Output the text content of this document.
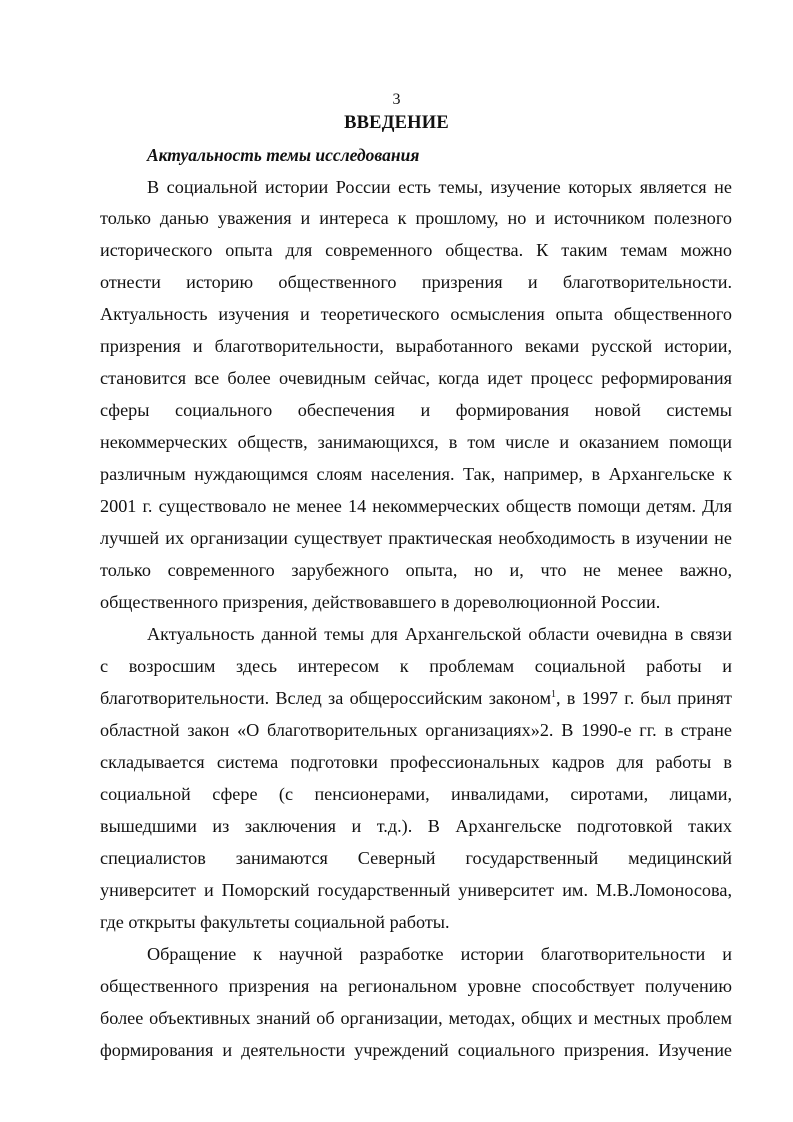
3
ВВЕДЕНИЕ
Актуальность темы исследования
В социальной истории России есть темы, изучение которых является не
только данью уважения и интереса к прошлому, но и источником полезного
исторического опыта для современного общества. К таким темам можно
отнести историю общественного призрения и благотворительности.
Актуальность изучения и теоретического осмысления опыта общественного
призрения и благотворительности, выработанного веками русской истории,
становится все более очевидным сейчас, когда идет процесс реформирования
сферы социального обеспечения и формирования новой системы
некоммерческих обществ, занимающихся, в том числе и оказанием помощи
различным нуждающимся слоям населения. Так, например, в Архангельске к
2001 г. существовало не менее 14 некоммерческих обществ помощи детям. Для
лучшей их организации существует практическая необходимость в изучении не
только современного зарубежного опыта, но и, что не менее важно,
общественного призрения, действовавшего в дореволюционной России.
Актуальность данной темы для Архангельской области очевидна в связи
с возросшим здесь интересом к проблемам социальной работы и
благотворительности. Вслед за общероссийским законом$^1$, в 1997 г. был принят
областной закон «О благотворительных организациях»2. В 1990-е гг. в стране
складывается система подготовки профессиональных кадров для работы в
социальной сфере (с пенсионерами, инвалидами, сиротами, лицами,
вышедшими из заключения и т.д.). В Архангельске подготовкой таких
специалистов занимаются Северный государственный медицинский
университет и Поморский государственный университет им. М.В.Ломоносова,
где открыты факультеты социальной работы.
Обращение к научной разработке истории благотворительности и
общественного призрения на региональном уровне способствует получению
более объективных знаний об организации, методах, общих и местных проблем
формирования и деятельности учреждений социального призрения. Изучение
